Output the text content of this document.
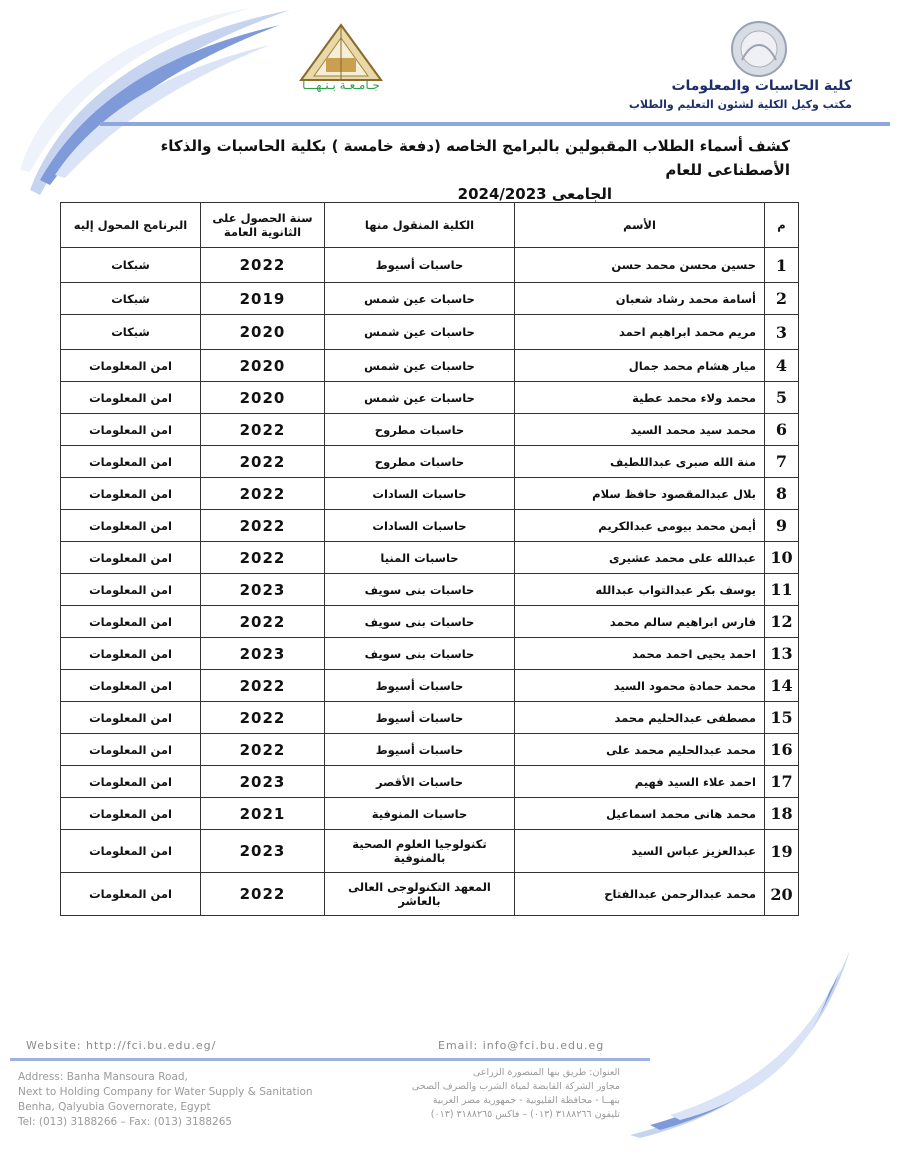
جـامـعـة بـنـهـــا	كلية الحاسبات والمعلومات
مكتب وكيل الكلية لشئون التعليم والطلاب
كشف أسماء الطلاب المقبولين بالبرامج الخاصه (دفعة خامسة ) بكلية الحاسبات والذكاء الأصطناعى للعام
الجامعى 2024/2023
م	الأسم	الكلية المنقول منها	سنة الحصول على الثانوية العامة	البرنامج المحول إليه
1	حسين محسن محمد حسن	حاسبات أسيوط	2022	شبكات
2	أسامة محمد رشاد شعبان	حاسبات عين شمس	2019	شبكات
3	مريم محمد ابراهيم احمد	حاسبات عين شمس	2020	شبكات
4	ميار هشام محمد جمال	حاسبات عين شمس	2020	امن المعلومات
5	محمد ولاء محمد عطية	حاسبات عين شمس	2020	امن المعلومات
6	محمد سيد محمد السيد	حاسبات مطروح	2022	امن المعلومات
7	منة الله صبرى عبداللطيف	حاسبات مطروح	2022	امن المعلومات
8	بلال عبدالمقصود حافظ سلام	حاسبات السادات	2022	امن المعلومات
9	أيمن محمد بيومى عبدالكريم	حاسبات السادات	2022	امن المعلومات
10	عبدالله على محمد عشيرى	حاسبات المنيا	2022	امن المعلومات
11	يوسف بكر عبدالتواب عبدالله	حاسبات بنى سويف	2023	امن المعلومات
12	فارس ابراهيم سالم محمد	حاسبات بنى سويف	2022	امن المعلومات
13	احمد يحيى احمد محمد	حاسبات بنى سويف	2023	امن المعلومات
14	محمد حمادة محمود السيد	حاسبات أسيوط	2022	امن المعلومات
15	مصطفى عبدالحليم محمد	حاسبات أسيوط	2022	امن المعلومات
16	محمد عبدالحليم محمد على	حاسبات أسيوط	2022	امن المعلومات
17	احمد علاء السيد فهيم	حاسبات الأقصر	2023	امن المعلومات
18	محمد هانى محمد اسماعيل	حاسبات المنوفية	2021	امن المعلومات
19	عبدالعزيز عباس السيد	تكنولوجيا العلوم الصحية بالمنوفية	2023	امن المعلومات
20	محمد عبدالرحمن عبدالفتاح	المعهد التكنولوجى العالى بالعاشر	2022	امن المعلومات
Website: http://fci.bu.edu.eg/	Email: info@fci.bu.edu.eg
Address: Banha Mansoura Road,
Next to Holding Company for Water Supply & Sanitation
Benha, Qalyubia Governorate, Egypt
Tel: (013) 3188266 – Fax: (013) 3188265
العنوان: طريق بنها المنصورة الزراعى
مجاور الشركة القابضة لمياة الشرب والصرف الصحى
بنهــا - محافظة القليوبية - جمهورية مصر العربية
تليفون ٣١٨٨٢٦٦ (٠١٣) – فاكس ٣١٨٨٢٦٥ (٠١٣)
